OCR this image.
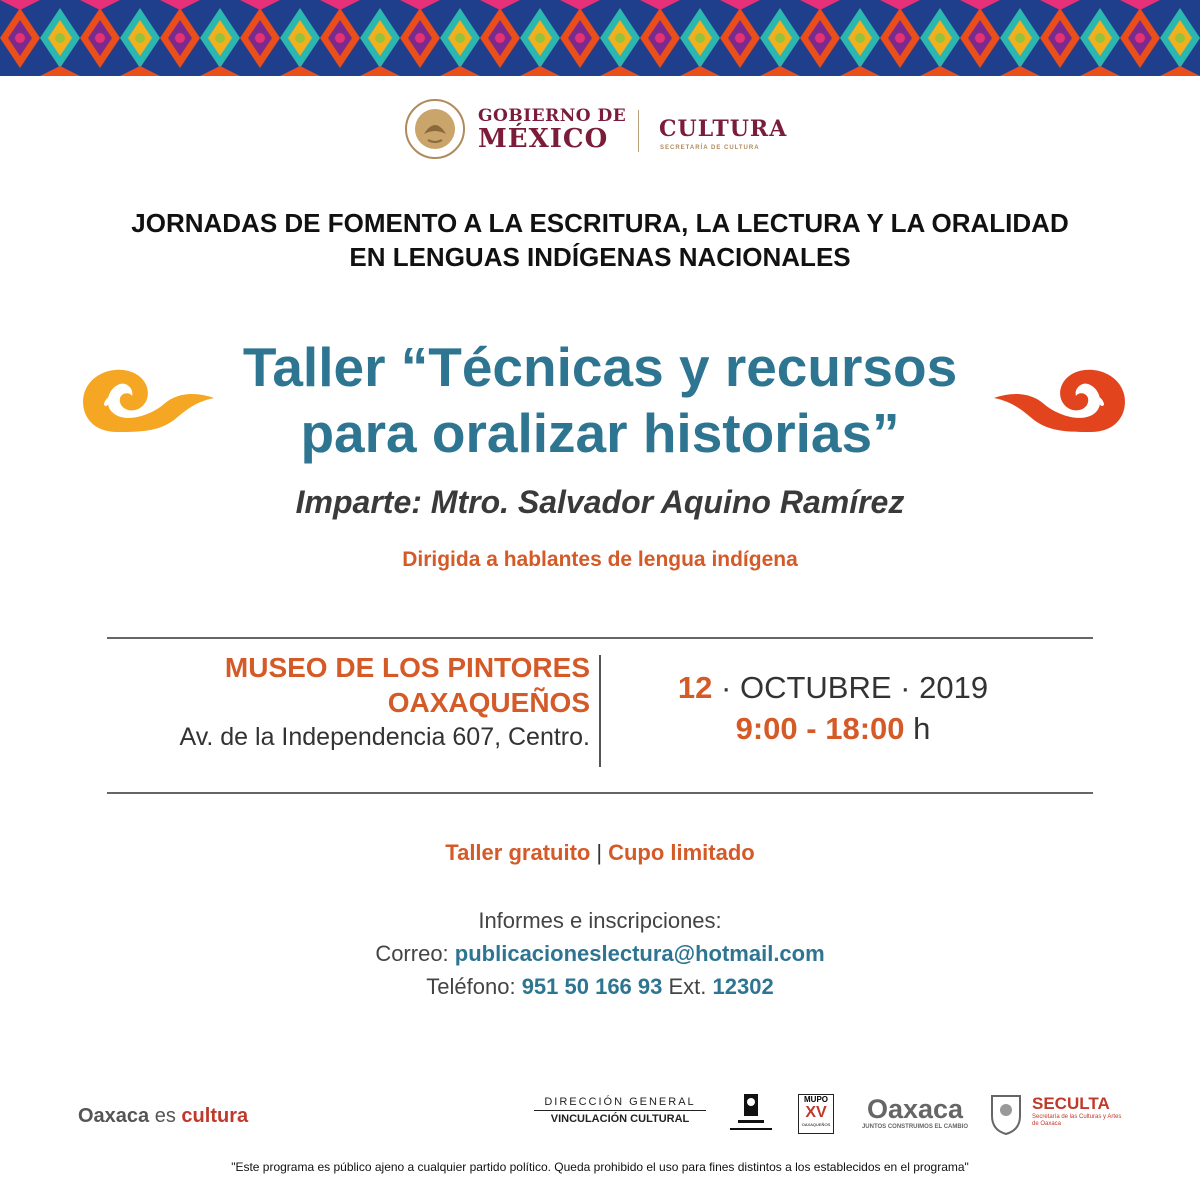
GOBIERNO DE
MÉXICO CULTURA
SECRETARÍA DE CULTURA
JORNADAS DE FOMENTO A LA ESCRITURA, LA LECTURA Y LA ORALIDAD
EN LENGUAS INDÍGENAS NACIONALES
Taller “Técnicas y recursos
para oralizar historias”
Imparte: Mtro. Salvador Aquino Ramírez
Dirigida a hablantes de lengua indígena
MUSEO DE LOS PINTORES
OAXAQUEÑOS
Av. de la Independencia 607, Centro.
12 · OCTUBRE · 2019
9:00 - 18:00 h
Taller gratuito | Cupo limitado
Informes e inscripciones:
Correo: publicacioneslectura@hotmail.com
Teléfono: 951 50 166 93 Ext. 12302
Oaxaca es cultura
DIRECCIÓN GENERAL
VINCULACIÓN CULTURAL
MUPO
XV
OAXAQUEÑOS
Oaxaca
JUNTOS CONSTRUIMOS EL CAMBIO
SECULTA
Secretaría de las Culturas y Artes de Oaxaca
"Este programa es público ajeno a cualquier partido político. Queda prohibido el uso para fines distintos a los establecidos en el programa"
